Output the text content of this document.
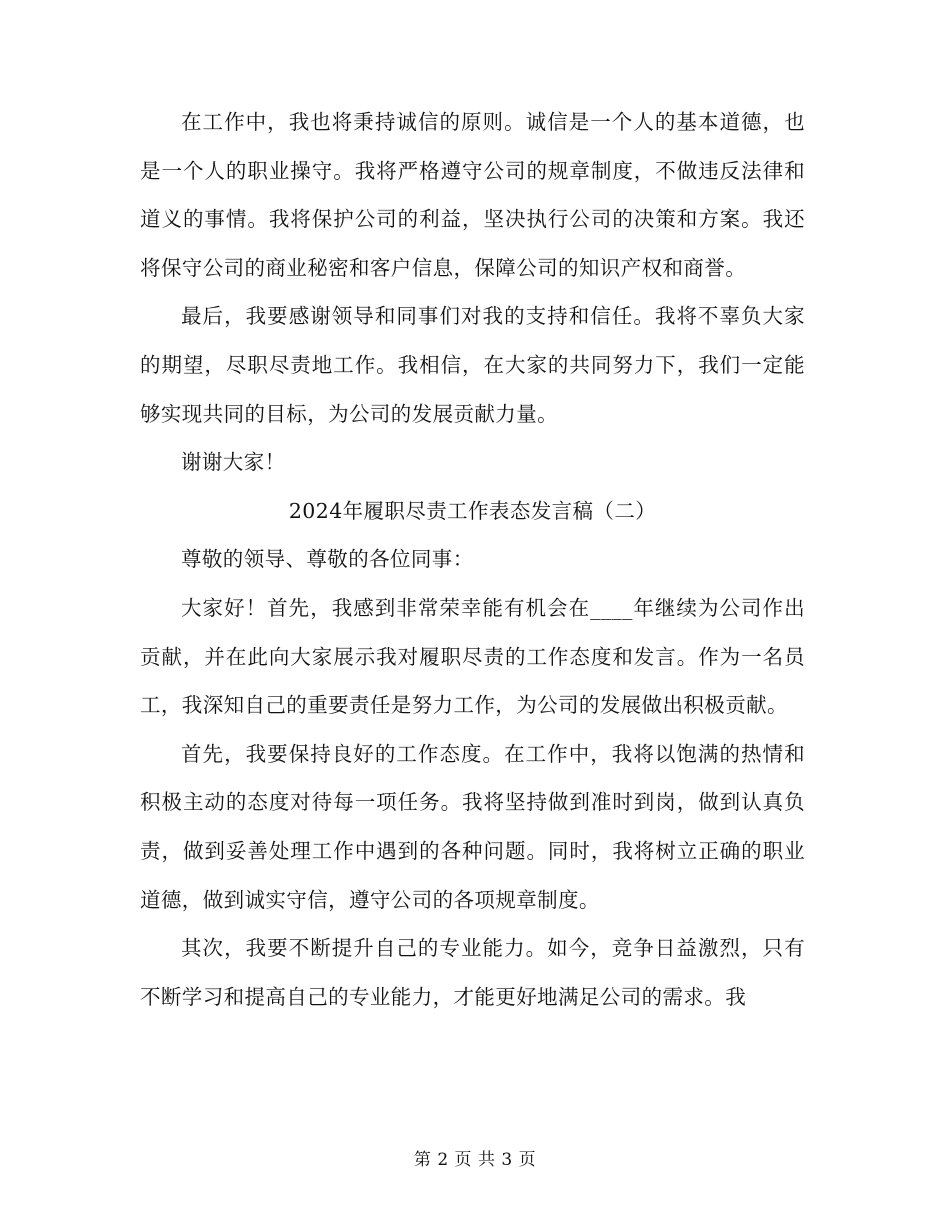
在工作中，我也将秉持诚信的原则。诚信是一个人的基本道德，也是一个人的职业操守。我将严格遵守公司的规章制度，不做违反法律和道义的事情。我将保护公司的利益，坚决执行公司的决策和方案。我还将保守公司的商业秘密和客户信息，保障公司的知识产权和商誉。

最后，我要感谢领导和同事们对我的支持和信任。我将不辜负大家的期望，尽职尽责地工作。我相信，在大家的共同努力下，我们一定能够实现共同的目标，为公司的发展贡献力量。

谢谢大家！

2024年履职尽责工作表态发言稿（二）

尊敬的领导、尊敬的各位同事：

大家好！首先，我感到非常荣幸能有机会在____年继续为公司作出贡献，并在此向大家展示我对履职尽责的工作态度和发言。作为一名员工，我深知自己的重要责任是努力工作，为公司的发展做出积极贡献。

首先，我要保持良好的工作态度。在工作中，我将以饱满的热情和积极主动的态度对待每一项任务。我将坚持做到准时到岗，做到认真负责，做到妥善处理工作中遇到的各种问题。同时，我将树立正确的职业道德，做到诚实守信，遵守公司的各项规章制度。

其次，我要不断提升自己的专业能力。如今，竞争日益激烈，只有不断学习和提高自己的专业能力，才能更好地满足公司的需求。我

第 2 页 共 3 页
